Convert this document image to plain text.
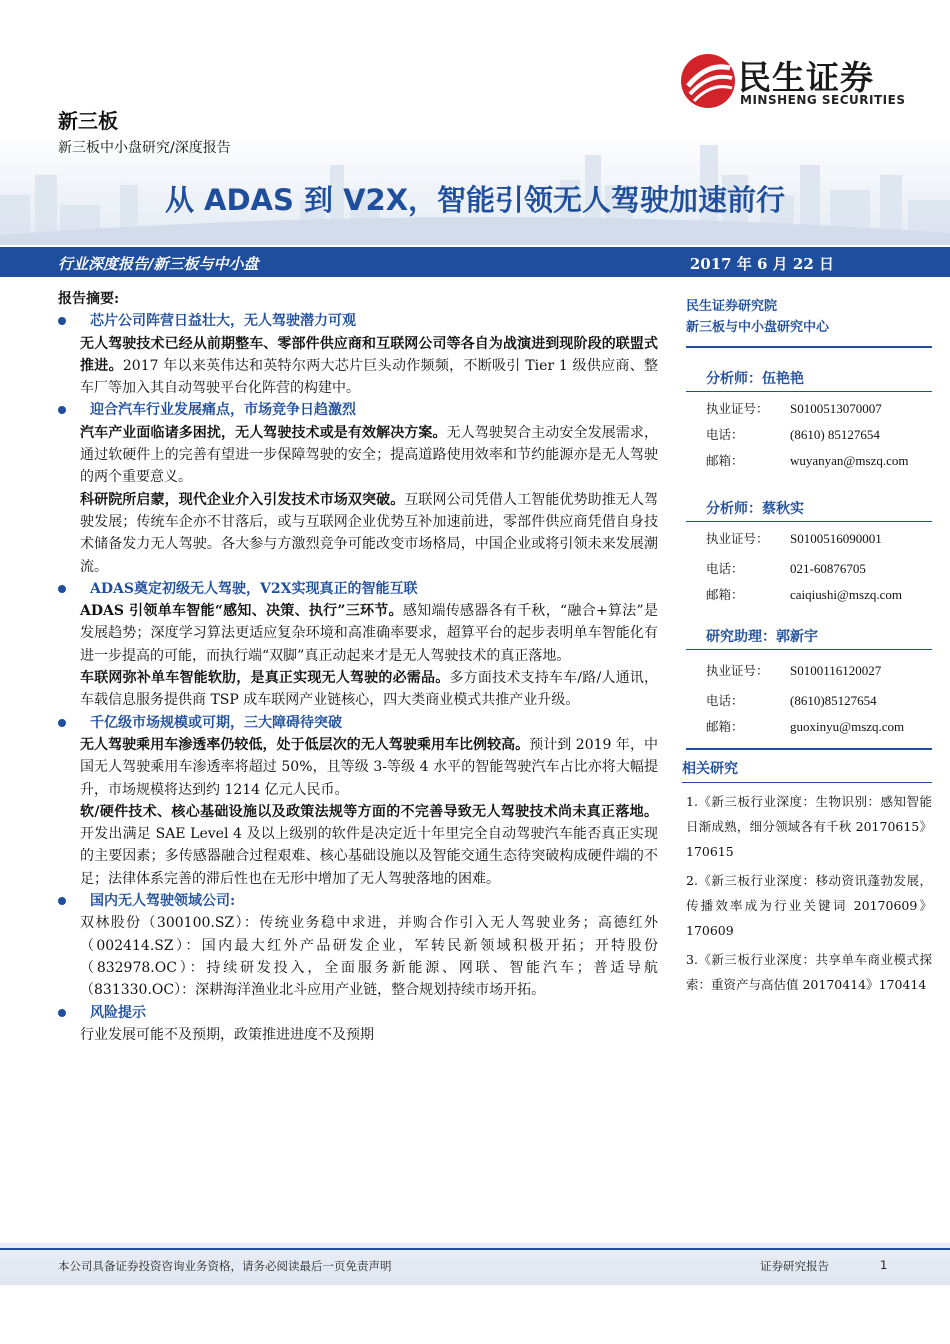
民生证券
MINSHENG SECURITIES
新三板
新三板中小盘研究/深度报告
从 ADAS 到 V2X，智能引领无人驾驶加速前行
行业深度报告/新三板与中小盘	2017 年 6 月 22 日
报告摘要:
芯片公司阵营日益壮大，无人驾驶潜力可观

无人驾驶技术已经从前期整车、零部件供应商和互联网公司等各自为战演进到现阶段的联盟式推进。2017 年以来英伟达和英特尔两大芯片巨头动作频频，不断吸引 Tier 1 级供应商、整车厂等加入其自动驾驶平台化阵营的构建中。

迎合汽车行业发展痛点，市场竞争日趋激烈

汽车产业面临诸多困扰，无人驾驶技术或是有效解决方案。无人驾驶契合主动安全发展需求，通过软硬件上的完善有望进一步保障驾驶的安全；提高道路使用效率和节约能源亦是无人驾驶的两个重要意义。

科研院所启蒙，现代企业介入引发技术市场双突破。互联网公司凭借人工智能优势助推无人驾驶发展；传统车企亦不甘落后，或与互联网企业优势互补加速前进，零部件供应商凭借自身技术储备发力无人驾驶。各大参与方激烈竞争可能改变市场格局，中国企业或将引领未来发展潮流。

ADAS奠定初级无人驾驶，V2X实现真正的智能互联

ADAS 引领单车智能“感知、决策、执行”三环节。感知端传感器各有千秋，“融合+算法”是发展趋势；深度学习算法更适应复杂环境和高准确率要求，超算平台的起步表明单车智能化有进一步提高的可能，而执行端“双脚”真正动起来才是无人驾驶技术的真正落地。

车联网弥补单车智能软肋，是真正实现无人驾驶的必需品。多方面技术支持车车/路/人通讯，车载信息服务提供商 TSP 成车联网产业链核心，四大类商业模式共推产业升级。

千亿级市场规模或可期，三大障碍待突破

无人驾驶乘用车渗透率仍较低，处于低层次的无人驾驶乘用车比例较高。预计到 2019 年，中国无人驾驶乘用车渗透率将超过 50%，且等级 3-等级 4 水平的智能驾驶汽车占比亦将大幅提升，市场规模将达到约 1214 亿元人民币。

软/硬件技术、核心基础设施以及政策法规等方面的不完善导致无人驾驶技术尚未真正落地。开发出满足 SAE Level 4 及以上级别的软件是决定近十年里完全自动驾驶汽车能否真正实现的主要因素；多传感器融合过程艰难、核心基础设施以及智能交通生态待突破构成硬件端的不足；法律体系完善的滞后性也在无形中增加了无人驾驶落地的困难。

国内无人驾驶领域公司:

双林股份（300100.SZ）：传统业务稳中求进，并购合作引入无人驾驶业务；高德红外（002414.SZ）：国内最大红外产品研发企业，军转民新领域积极开拓；开特股份（832978.OC）：持续研发投入，全面服务新能源、网联、智能汽车；普适导航（831330.OC）：深耕海洋渔业北斗应用产业链，整合规划持续市场开拓。

风险提示

行业发展可能不及预期，政策推进进度不及预期

民生证券研究院
新三板与中小盘研究中心
分析师：伍艳艳
执业证号： S0100513070007
电话：	(8610) 85127654
邮箱：	wuyanyan@mszq.com
分析师：蔡秋实
执业证号： S0100516090001
电话：	021-60876705
邮箱：	caiqiushi@mszq.com
研究助理：郭新宇
执业证号： S0100116120027
电话：	(8610)85127654
邮箱：	guoxinyu@mszq.com
相关研究
1.《新三板行业深度：生物识别：感知智能日渐成熟，细分领域各有千秋 20170615》170615
2.《新三板行业深度：移动资讯蓬勃发展，传播效率成为行业关键词 20170609》170609
3.《新三板行业深度：共享单车商业模式探索：重资产与高估值 20170414》170414
本公司具备证券投资咨询业务资格，请务必阅读最后一页免责声明	证券研究报告	1
